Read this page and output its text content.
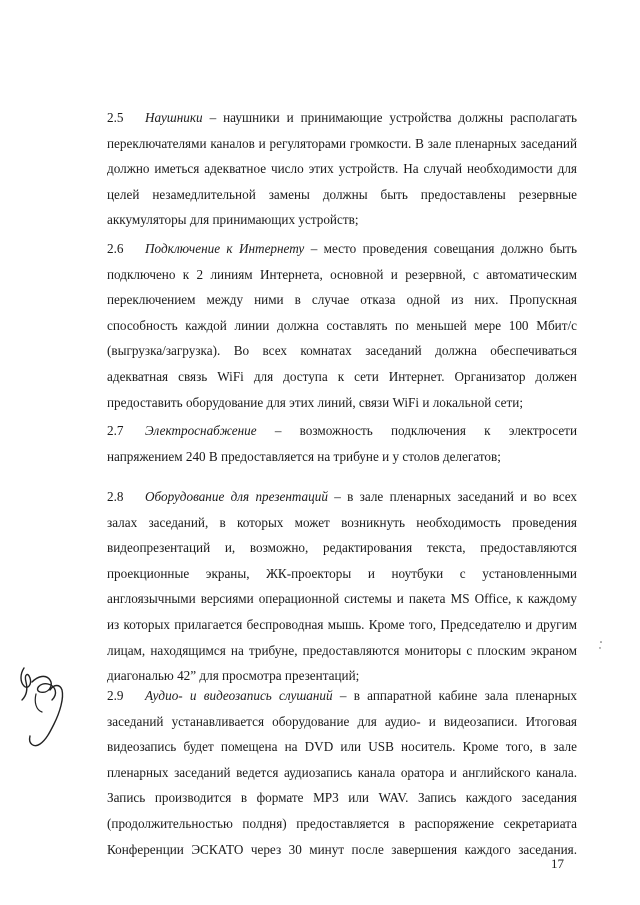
2.5 Наушники – наушники и принимающие устройства должны располагать
переключателями каналов и регуляторами громкости. В зале пленарных заседаний
должно иметься адекватное число этих устройств. На случай необходимости для
целей незамедлительной замены должны быть предоставлены резервные
аккумуляторы для принимающих устройств;
2.6 Подключение к Интернету – место проведения совещания должно быть
подключено к 2 линиям Интернета, основной и резервной, с автоматическим
переключением между ними в случае отказа одной из них. Пропускная
способность каждой линии должна составлять по меньшей мере 100 Мбит/с
(выгрузка/загрузка). Во всех комнатах заседаний должна обеспечиваться
адекватная связь WiFi для доступа к сети Интернет. Организатор должен
предоставить оборудование для этих линий, связи WiFi и локальной сети;
2.7 Электроснабжение – возможность подключения к электросети
напряжением 240 В предоставляется на трибуне и у столов делегатов;
2.8 Оборудование для презентаций – в зале пленарных заседаний и во всех
залах заседаний, в которых может возникнуть необходимость проведения
видеопрезентаций и, возможно, редактирования текста, предоставляются
проекционные экраны, ЖК-проекторы и ноутбуки с установленными
англоязычными версиями операционной системы и пакета MS Office, к каждому
из которых прилагается беспроводная мышь. Кроме того, Председателю и другим
лицам, находящимся на трибуне, предоставляются мониторы с плоским экраном
диагональю 42” для просмотра презентаций;
2.9 Аудио- и видеозапись слушаний – в аппаратной кабине зала пленарных
заседаний устанавливается оборудование для аудио- и видеозаписи. Итоговая
видеозапись будет помещена на DVD или USB носитель. Кроме того, в зале
пленарных заседаний ведется аудиозапись канала оратора и английского канала.
Запись производится в формате MP3 или WAV. Запись каждого заседания
(продолжительностью полдня) предоставляется в распоряжение секретариата
Конференции ЭСКАТО через 30 минут после завершения каждого заседания.
17
